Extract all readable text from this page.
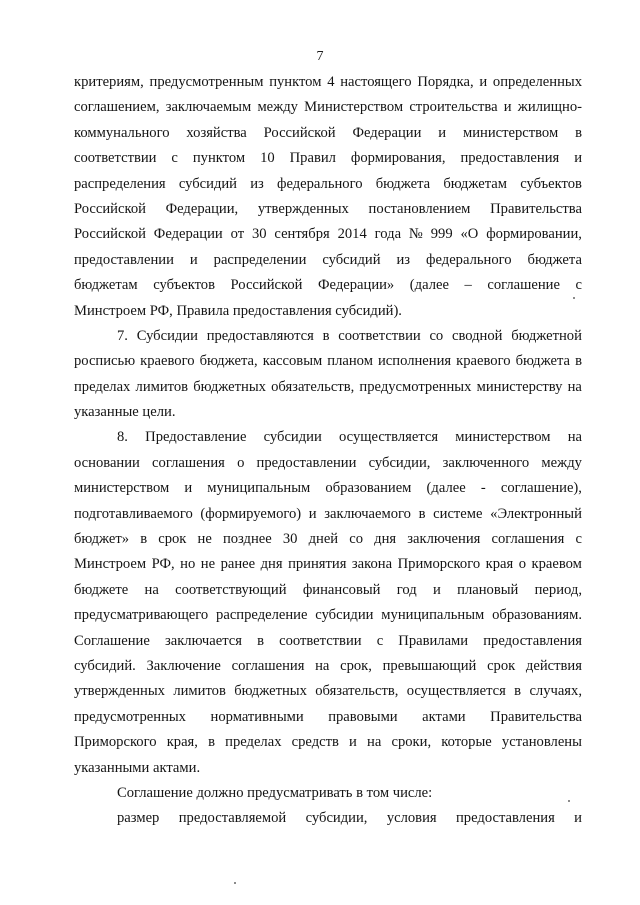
7
критериям, предусмотренным пунктом 4 настоящего Порядка, и определенных
соглашением, заключаемым между Министерством строительства и жилищно-
коммунального хозяйства Российской Федерации и министерством в
соответствии с пунктом 10 Правил формирования, предоставления и
распределения субсидий из федерального бюджета бюджетам субъектов
Российской Федерации, утвержденных постановлением Правительства
Российской Федерации от 30 сентября 2014 года № 999 «О формировании,
предоставлении и распределении субсидий из федерального бюджета
бюджетам субъектов Российской Федерации» (далее – соглашение с
Минстроем РФ, Правила предоставления субсидий).
7. Субсидии предоставляются в соответствии со сводной бюджетной
росписью краевого бюджета, кассовым планом исполнения краевого бюджета в
пределах лимитов бюджетных обязательств, предусмотренных министерству на
указанные цели.
8. Предоставление субсидии осуществляется министерством на
основании соглашения о предоставлении субсидии, заключенного между
министерством и муниципальным образованием (далее - соглашение),
подготавливаемого (формируемого) и заключаемого в системе «Электронный
бюджет» в срок не позднее 30 дней со дня заключения соглашения с
Минстроем РФ, но не ранее дня принятия закона Приморского края о краевом
бюджете на соответствующий финансовый год и плановый период,
предусматривающего распределение субсидии муниципальным образованиям.
Соглашение заключается в соответствии с Правилами предоставления
субсидий. Заключение соглашения на срок, превышающий срок действия
утвержденных лимитов бюджетных обязательств, осуществляется в случаях,
предусмотренных нормативными правовыми актами Правительства
Приморского края, в пределах средств и на сроки, которые установлены
указанными актами.
Соглашение должно предусматривать в том числе:
размер предоставляемой субсидии, условия предоставления и
